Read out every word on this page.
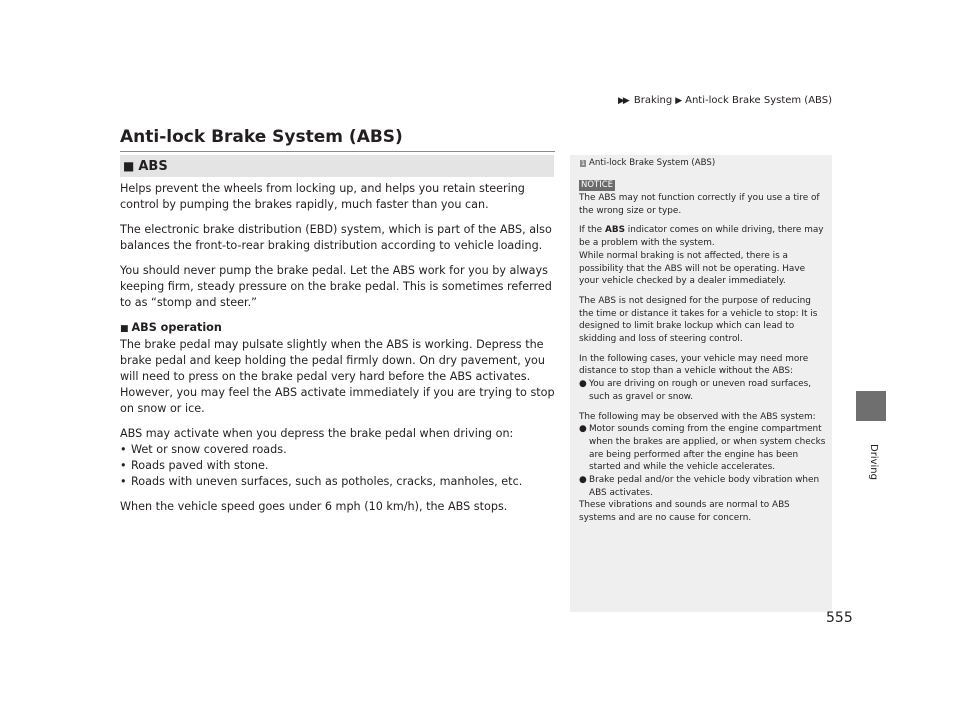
▶▶ Braking ▶ Anti-lock Brake System (ABS)
Driving
Anti-lock Brake System (ABS)
■ ABS

Helps prevent the wheels from locking up, and helps you retain steering control by pumping the brakes rapidly, much faster than you can.

The electronic brake distribution (EBD) system, which is part of the ABS, also balances the front-to-rear braking distribution according to vehicle loading.

You should never pump the brake pedal. Let the ABS work for you by always keeping firm, steady pressure on the brake pedal. This is sometimes referred to as “stomp and steer.”

■ ABS operation

The brake pedal may pulsate slightly when the ABS is working. Depress the brake pedal and keep holding the pedal firmly down. On dry pavement, you will need to press on the brake pedal very hard before the ABS activates. However, you may feel the ABS activate immediately if you are trying to stop on snow or ice.

ABS may activate when you depress the brake pedal when driving on:
• Wet or snow covered roads.
• Roads paved with stone.
• Roads with uneven surfaces, such as potholes, cracks, manholes, etc.

When the vehicle speed goes under 6 mph (10 km/h), the ABS stops.

1 Anti-lock Brake System (ABS)
NOTICE

The ABS may not function correctly if you use a tire of the wrong size or type.

If the ABS indicator comes on while driving, there may be a problem with the system.

While normal braking is not affected, there is a possibility that the ABS will not be operating. Have your vehicle checked by a dealer immediately.

The ABS is not designed for the purpose of reducing the time or distance it takes for a vehicle to stop: It is designed to limit brake lockup which can lead to skidding and loss of steering control.

In the following cases, your vehicle may need more distance to stop than a vehicle without the ABS:
● You are driving on rough or uneven road surfaces, such as gravel or snow.
The following may be observed with the ABS system:
● Motor sounds coming from the engine compartment when the brakes are applied, or when system checks are being performed after the engine has been started and while the vehicle accelerates.
● Brake pedal and/or the vehicle body vibration when ABS activates.
These vibrations and sounds are normal to ABS systems and are no cause for concern.
555
